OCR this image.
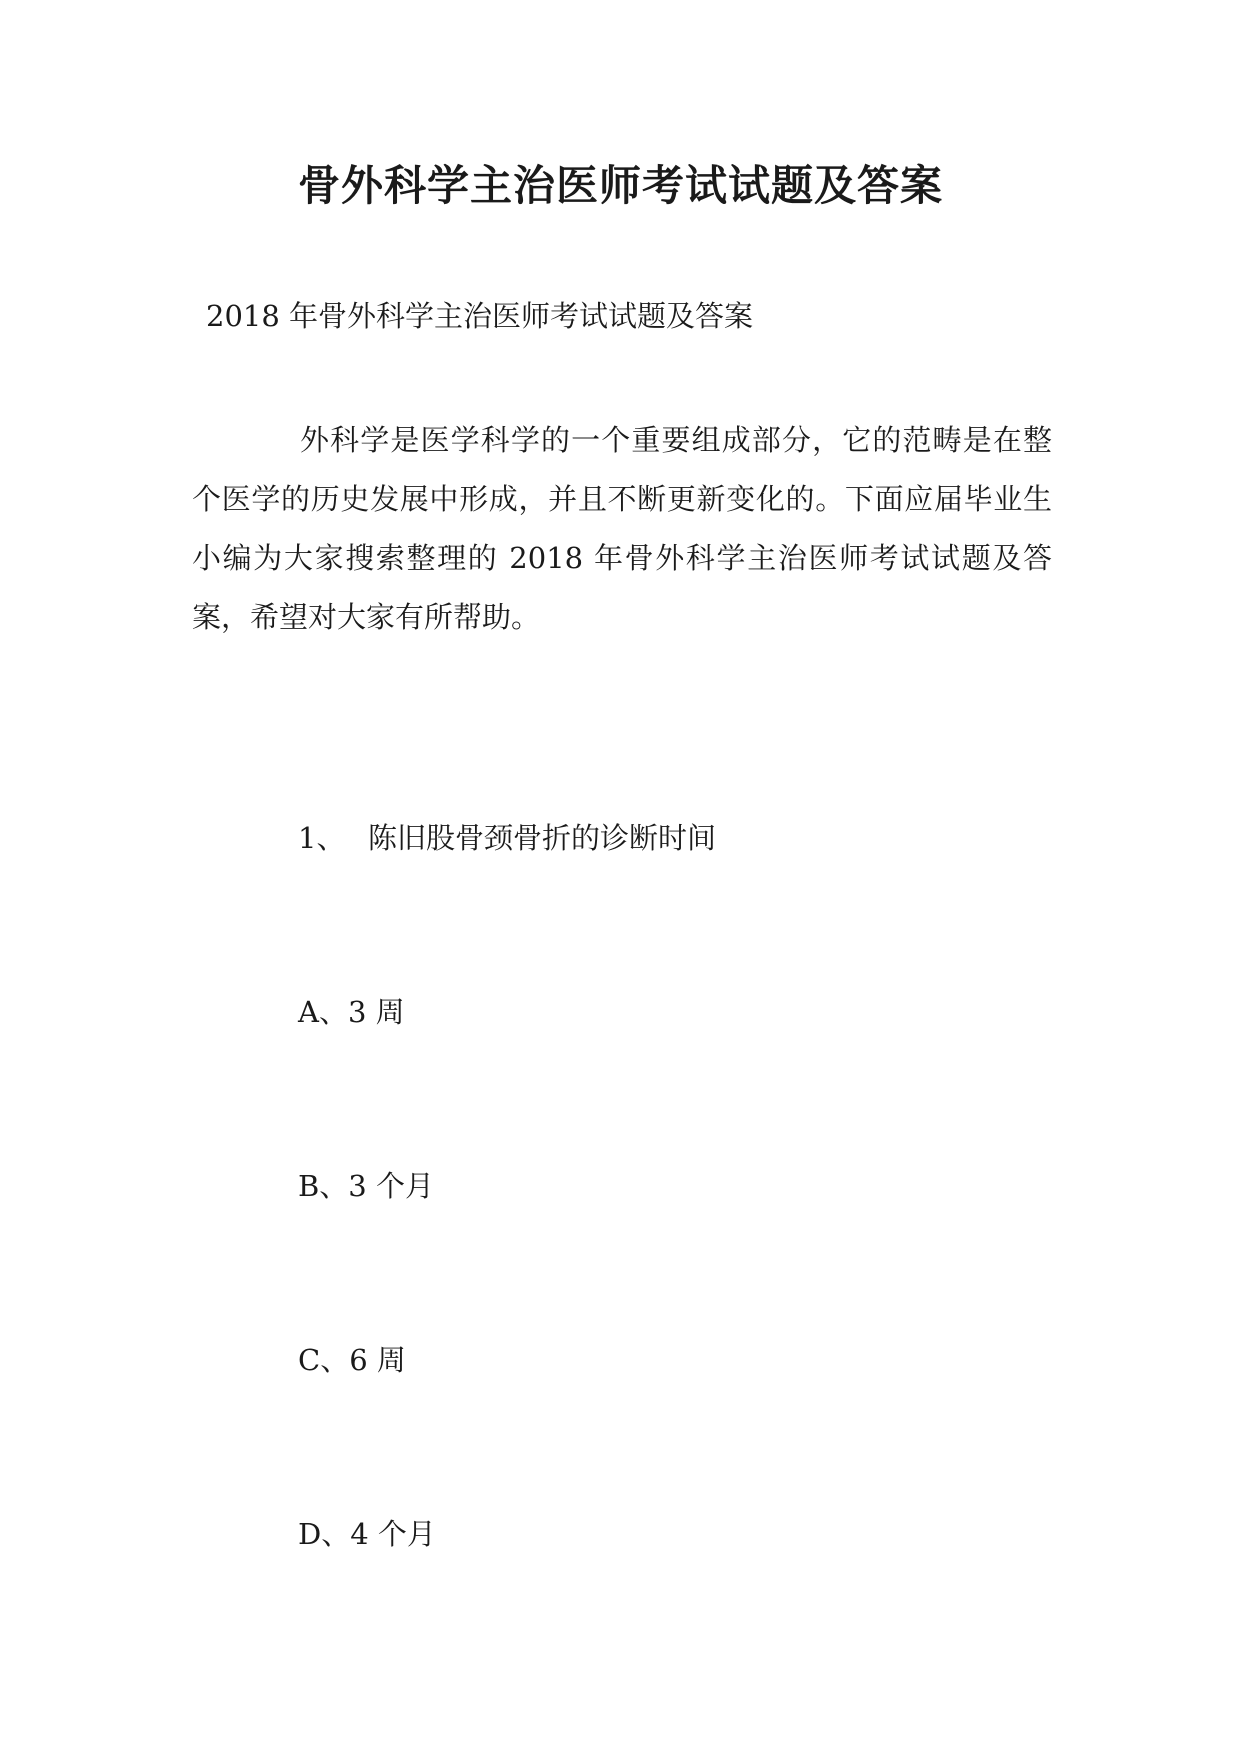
骨外科学主治医师考试试题及答案

2018 年骨外科学主治医师考试试题及答案

外科学是医学科学的一个重要组成部分，它的范畴是在整个医学的历史发展中形成，并且不断更新变化的。下面应届毕业生小编为大家搜索整理的 2018 年骨外科学主治医师考试试题及答案，希望对大家有所帮助。

1、 陈旧股骨颈骨折的诊断时间

A、3 周

B、3 个月

C、6 周

D、4 个月
